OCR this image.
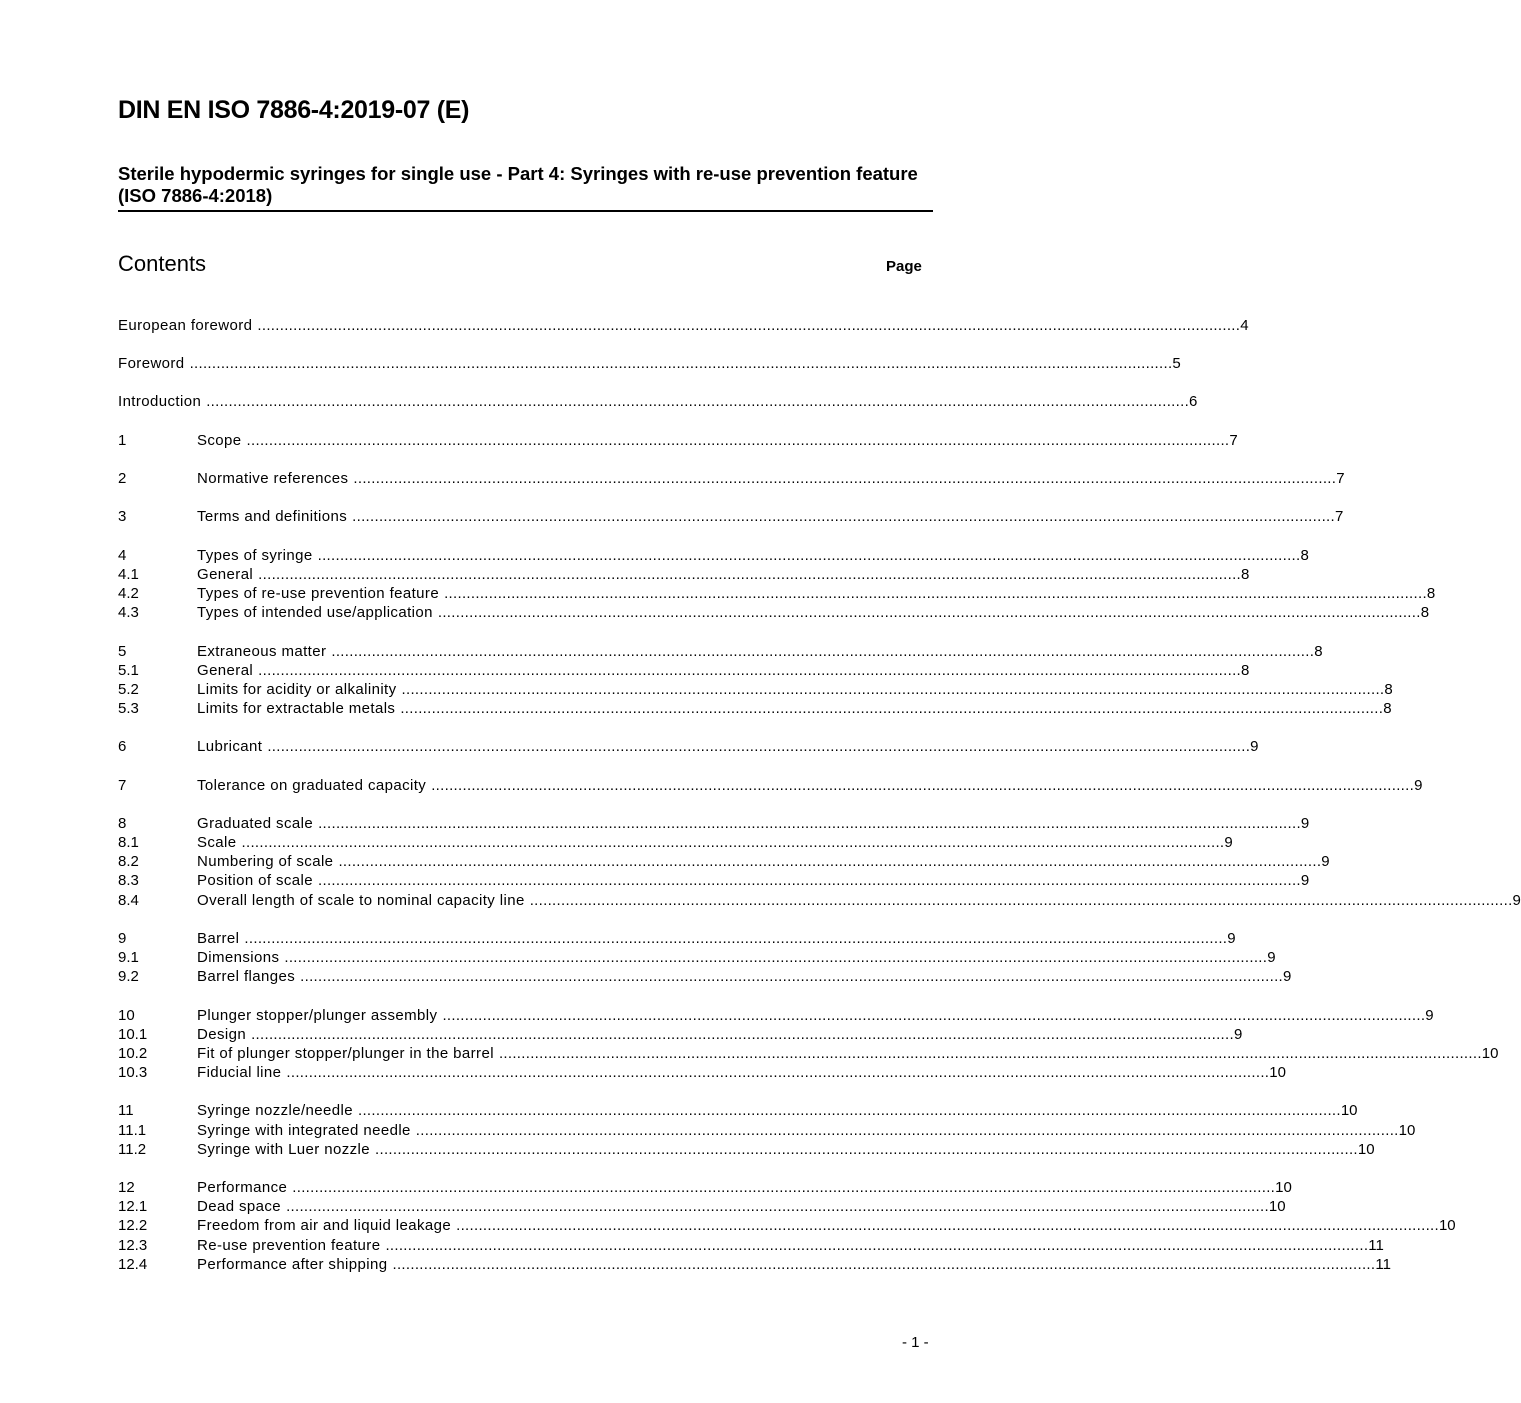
DIN EN ISO 7886-4:2019-07 (E)

Sterile hypodermic syringes for single use - Part 4: Syringes with re-use prevention feature (ISO 7886-4:2018)

Contents	Page
European foreword ............................................................................................................................................................................................................................ 4
Foreword ............................................................................................................................................................................................................................ 5
Introduction ............................................................................................................................................................................................................................ 6
1	Scope ............................................................................................................................................................................................................................ 7
2	Normative references ............................................................................................................................................................................................................................ 7
3	Terms and definitions ............................................................................................................................................................................................................................ 7
4	Types of syringe ............................................................................................................................................................................................................................ 8
4.1	General ............................................................................................................................................................................................................................ 8
4.2	Types of re-use prevention feature ............................................................................................................................................................................................................................ 8
4.3	Types of intended use/application ............................................................................................................................................................................................................................ 8
5	Extraneous matter ............................................................................................................................................................................................................................ 8
5.1	General ............................................................................................................................................................................................................................ 8
5.2	Limits for acidity or alkalinity ............................................................................................................................................................................................................................ 8
5.3	Limits for extractable metals ............................................................................................................................................................................................................................ 8
6	Lubricant ............................................................................................................................................................................................................................ 9
7	Tolerance on graduated capacity ............................................................................................................................................................................................................................ 9
8	Graduated scale ............................................................................................................................................................................................................................ 9
8.1	Scale ............................................................................................................................................................................................................................ 9
8.2	Numbering of scale ............................................................................................................................................................................................................................ 9
8.3	Position of scale ............................................................................................................................................................................................................................ 9
8.4	Overall length of scale to nominal capacity line ............................................................................................................................................................................................................................ 9
9	Barrel ............................................................................................................................................................................................................................ 9
9.1	Dimensions ............................................................................................................................................................................................................................ 9
9.2	Barrel flanges ............................................................................................................................................................................................................................ 9
10	Plunger stopper/plunger assembly ............................................................................................................................................................................................................................ 9
10.1	Design ............................................................................................................................................................................................................................ 9
10.2	Fit of plunger stopper/plunger in the barrel ............................................................................................................................................................................................................................ 10
10.3	Fiducial line ............................................................................................................................................................................................................................ 10
11	Syringe nozzle/needle ............................................................................................................................................................................................................................ 10
11.1	Syringe with integrated needle ............................................................................................................................................................................................................................ 10
11.2	Syringe with Luer nozzle ............................................................................................................................................................................................................................ 10
12	Performance ............................................................................................................................................................................................................................ 10
12.1	Dead space ............................................................................................................................................................................................................................ 10
12.2	Freedom from air and liquid leakage ............................................................................................................................................................................................................................ 10
12.3	Re-use prevention feature ............................................................................................................................................................................................................................ 11
12.4	Performance after shipping ............................................................................................................................................................................................................................ 11
- 1 -
